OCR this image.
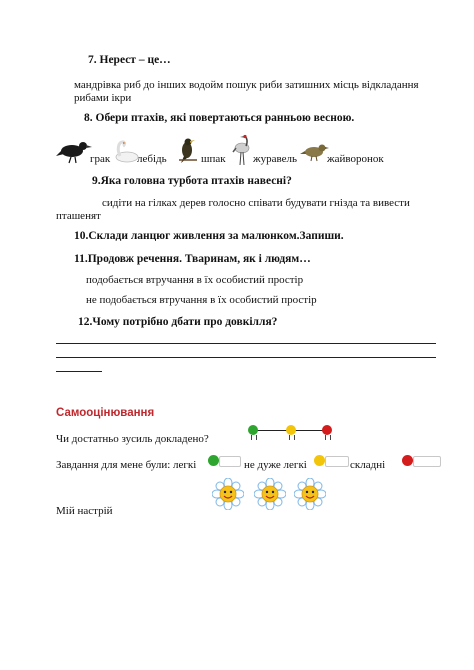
7. Нерест – це…
мандрівка риб до інших водойм пошук риби затишних місць відкладання
рибами ікри
8. Обери птахів, які повертаються ранньою весною.
грак лебідь	шпак журавель	жайворонок
9.Яка головна турбота птахів навесні?
сидіти на гілках дерев голосно співати будувати гнізда та вивести
пташенят
10.Склади ланцюг живлення за малюнком.Запиши.
11.Продовж речення. Тваринам, як і людям…
подобається втручання в їх особистий простір
не подобається втручання в їх особистий простір
12.Чому потрібно дбати про довкілля?
Самооцінювання
Чи достатньо зусиль докладено?
Завдання для мене були: легкі	не дуже легкі	складні
Мій настрій
